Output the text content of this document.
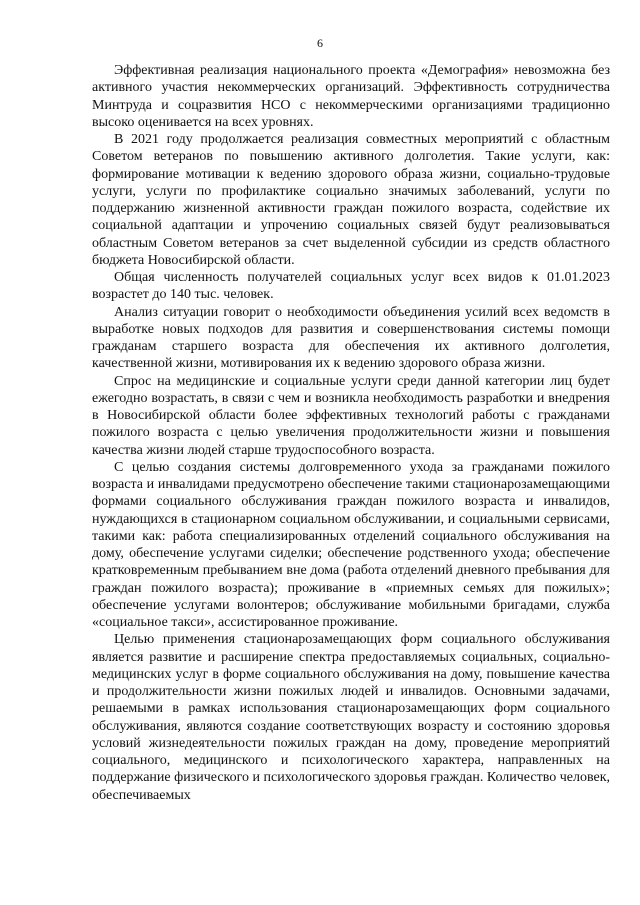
6

Эффективная реализация национального проекта «Демография» невозможна без активного участия некоммерческих организаций. Эффективность сотрудничества Минтруда и соцразвития НСО с некоммерческими организациями традиционно высоко оценивается на всех уровнях.

В 2021 году продолжается реализация совместных мероприятий с областным Советом ветеранов по повышению активного долголетия. Такие услуги, как: формирование мотивации к ведению здорового образа жизни, социально-трудовые услуги, услуги по профилактике социально значимых заболеваний, услуги по поддержанию жизненной активности граждан пожилого возраста, содействие их социальной адаптации и упрочению социальных связей будут реализовываться областным Советом ветеранов за счет выделенной субсидии из средств областного бюджета Новосибирской области.

Общая численность получателей социальных услуг всех видов к 01.01.2023 возрастет до 140 тыс. человек.

Анализ ситуации говорит о необходимости объединения усилий всех ведомств в выработке новых подходов для развития и совершенствования системы помощи гражданам старшего возраста для обеспечения их активного долголетия, качественной жизни, мотивирования их к ведению здорового образа жизни.

Спрос на медицинские и социальные услуги среди данной категории лиц будет ежегодно возрастать, в связи с чем и возникла необходимость разработки и внедрения в Новосибирской области более эффективных технологий работы с гражданами пожилого возраста с целью увеличения продолжительности жизни и повышения качества жизни людей старше трудоспособного возраста.

С целью создания системы долговременного ухода за гражданами пожилого возраста и инвалидами предусмотрено обеспечение такими стационарозамещающими формами социального обслуживания граждан пожилого возраста и инвалидов, нуждающихся в стационарном социальном обслуживании, и социальными сервисами, такими как: работа специализированных отделений социального обслуживания на дому, обеспечение услугами сиделки; обеспечение родственного ухода; обеспечение кратковременным пребыванием вне дома (работа отделений дневного пребывания для граждан пожилого возраста); проживание в «приемных семьях для пожилых»; обеспечение услугами волонтеров; обслуживание мобильными бригадами, служба «социальное такси», ассистированное проживание.

Целью применения стационарозамещающих форм социального обслуживания является развитие и расширение спектра предоставляемых социальных, социально-медицинских услуг в форме социального обслуживания на дому, повышение качества и продолжительности жизни пожилых людей и инвалидов. Основными задачами, решаемыми в рамках использования стационарозамещающих форм социального обслуживания, являются создание соответствующих возрасту и состоянию здоровья условий жизнедеятельности пожилых граждан на дому, проведение мероприятий социального, медицинского и психологического характера, направленных на поддержание физического и психологического здоровья граждан. Количество человек, обеспечиваемых
